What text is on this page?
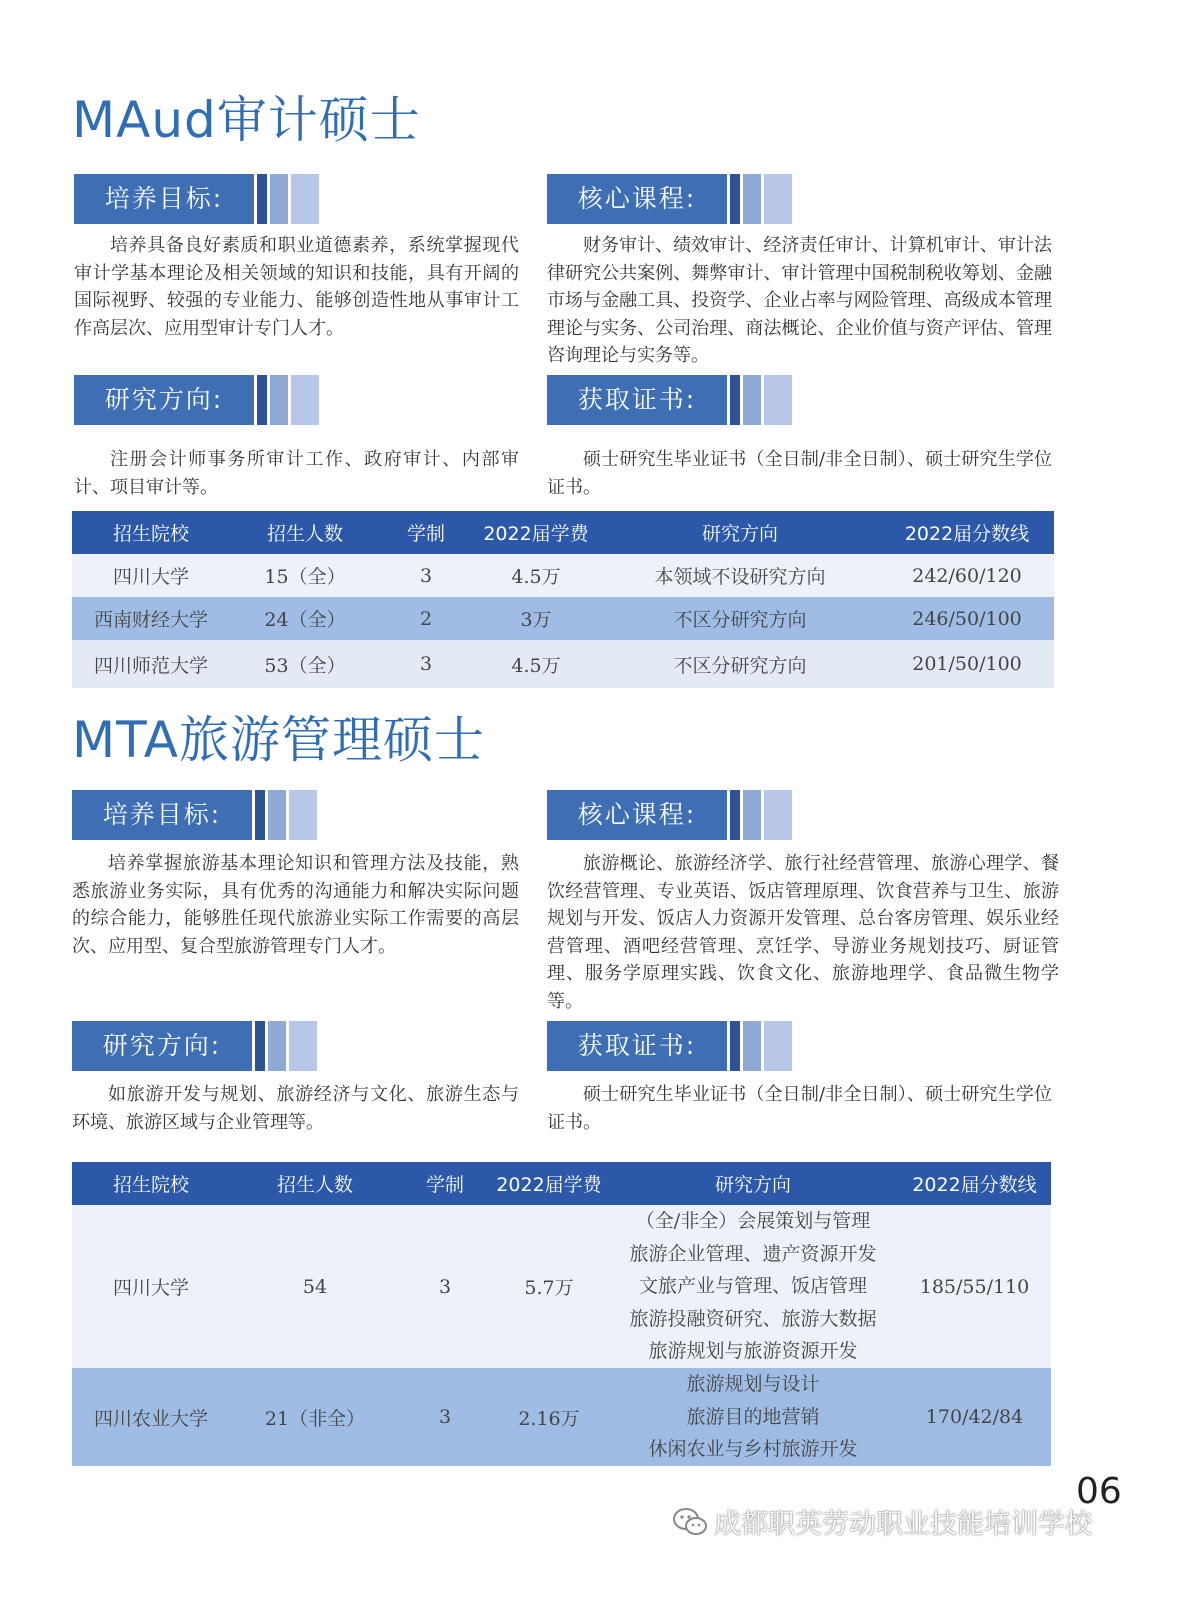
MAud审计硕士
培养目标:

培养具备良好素质和职业道德素养，系统掌握现代审计学基本理论及相关领域的知识和技能，具有开阔的国际视野、较强的专业能力、能够创造性地从事审计工作高层次、应用型审计专门人才。

核心课程:

财务审计、绩效审计、经济责任审计、计算机审计、审计法律研究公共案例、舞弊审计、审计管理中国税制税收筹划、金融市场与金融工具、投资学、企业占率与网险管理、高级成本管理理论与实务、公司治理、商法概论、企业价值与资产评估、管理咨询理论与实务等。

研究方向:

注册会计师事务所审计工作、政府审计、内部审计、项目审计等。

获取证书:

硕士研究生毕业证书（全日制/非全日制）、硕士研究生学位证书。

招生院校	招生人数	学制	2022届学费	研究方向	2022届分数线
四川大学	15（全）	3	4.5万	本领域不设研究方向	242/60/120
西南财经大学	24（全）	2	3万	不区分研究方向	246/50/100
四川师范大学	53（全）	3	4.5万	不区分研究方向	201/50/100
MTA旅游管理硕士
培养目标:

培养掌握旅游基本理论知识和管理方法及技能，熟悉旅游业务实际，具有优秀的沟通能力和解决实际问题的综合能力，能够胜任现代旅游业实际工作需要的高层次、应用型、复合型旅游管理专门人才。

核心课程:

旅游概论、旅游经济学、旅行社经营管理、旅游心理学、餐饮经营管理、专业英语、饭店管理原理、饮食营养与卫生、旅游规划与开发、饭店人力资源开发管理、总台客房管理、娱乐业经营管理、酒吧经营管理、烹饪学、导游业务规划技巧、厨证管理、服务学原理实践、饮食文化、旅游地理学、食品微生物学等。

研究方向:

如旅游开发与规划、旅游经济与文化、旅游生态与环境、旅游区域与企业管理等。

获取证书:

硕士研究生毕业证书（全日制/非全日制）、硕士研究生学位证书。

招生院校	招生人数	学制	2022届学费	研究方向	2022届分数线
四川大学	54	3	5.7万	（全/非全）会展策划与管理
旅游企业管理、遗产资源开发
文旅产业与管理、饭店管理
旅游投融资研究、旅游大数据
旅游规划与旅游资源开发	185/55/110
四川农业大学	21（非全）	3	2.16万	旅游规划与设计
旅游目的地营销
休闲农业与乡村旅游开发	170/42/84
06
成都职英劳动职业技能培训学校
